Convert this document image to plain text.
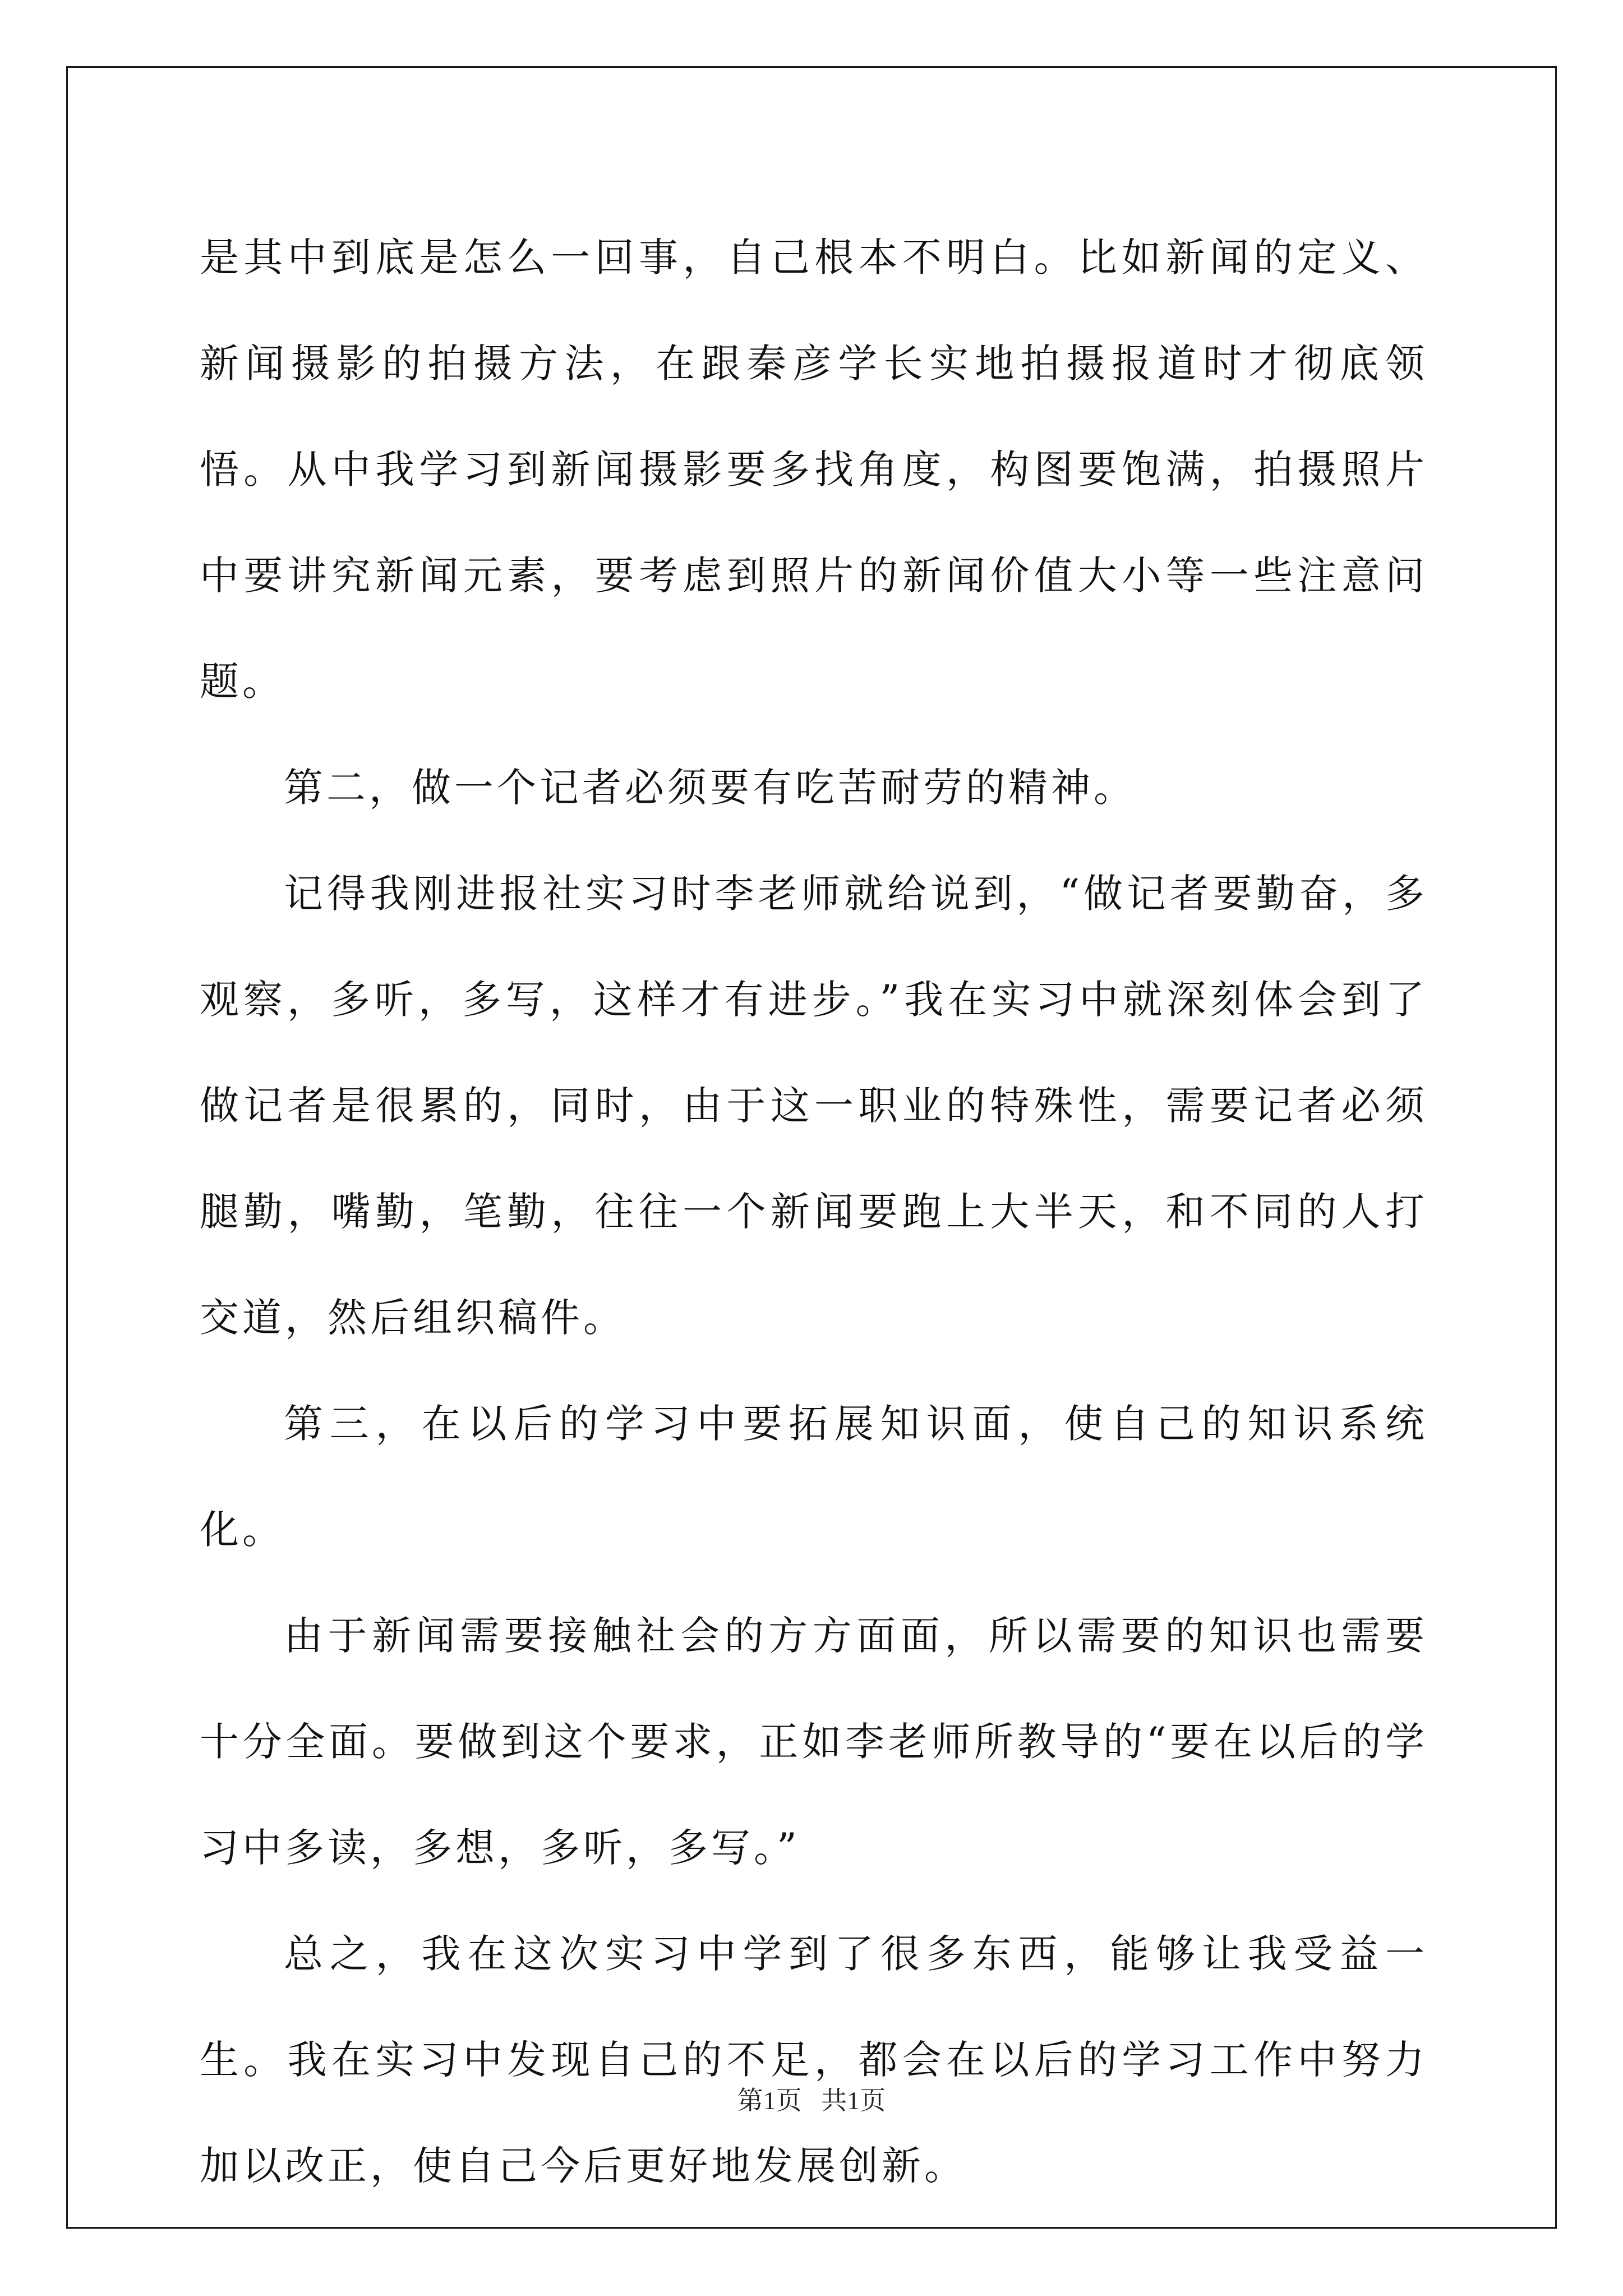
是其中到底是怎么一回事，自己根本不明白。比如新闻的定义、新闻摄影的拍摄方法，在跟秦彦学长实地拍摄报道时才彻底领悟。从中我学习到新闻摄影要多找角度，构图要饱满，拍摄照片中要讲究新闻元素，要考虑到照片的新闻价值大小等一些注意问题。

第二，做一个记者必须要有吃苦耐劳的精神。

记得我刚进报社实习时李老师就给说到，“做记者要勤奋，多观察，多听，多写，这样才有进步。”我在实习中就深刻体会到了做记者是很累的，同时，由于这一职业的特殊性，需要记者必须腿勤，嘴勤，笔勤，往往一个新闻要跑上大半天，和不同的人打交道，然后组织稿件。

第三，在以后的学习中要拓展知识面，使自己的知识系统化。

由于新闻需要接触社会的方方面面，所以需要的知识也需要十分全面。要做到这个要求，正如李老师所教导的“要在以后的学习中多读，多想，多听，多写。”

总之，我在这次实习中学到了很多东西，能够让我受益一生。我在实习中发现自己的不足，都会在以后的学习工作中努力加以改正，使自己今后更好地发展创新。

第1页   共1页
